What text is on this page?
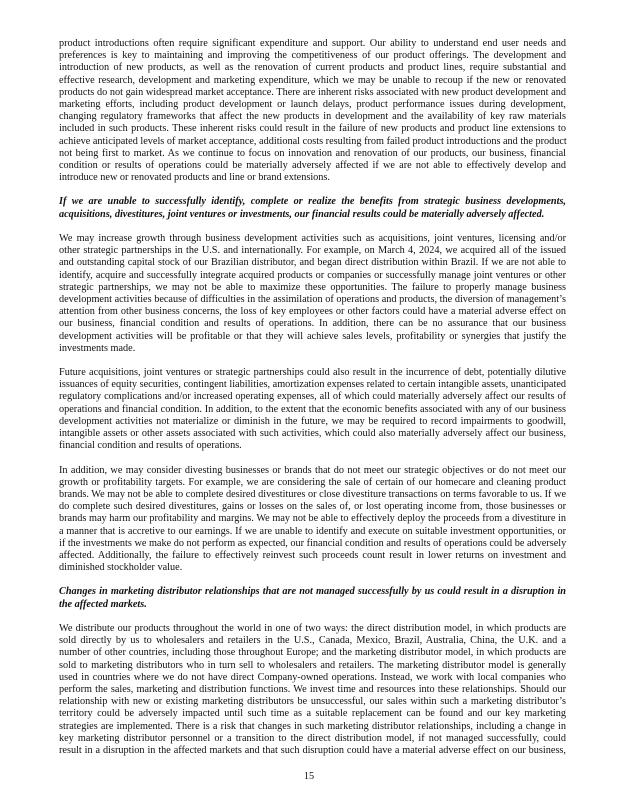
product introductions often require significant expenditure and support. Our ability to understand end user needs and
preferences is key to maintaining and improving the competitiveness of our product offerings. The development and
introduction of new products, as well as the renovation of current products and product lines, require substantial and
effective research, development and marketing expenditure, which we may be unable to recoup if the new or renovated
products do not gain widespread market acceptance. There are inherent risks associated with new product development and
marketing efforts, including product development or launch delays, product performance issues during development,
changing regulatory frameworks that affect the new products in development and the availability of key raw materials
included in such products. These inherent risks could result in the failure of new products and product line extensions to
achieve anticipated levels of market acceptance, additional costs resulting from failed product introductions and the product
not being first to market. As we continue to focus on innovation and renovation of our products, our business, financial
condition or results of operations could be materially adversely affected if we are not able to effectively develop and
introduce new or renovated products and line or brand extensions.
If we are unable to successfully identify, complete or realize the benefits from strategic business developments,
acquisitions, divestitures, joint ventures or investments, our financial results could be materially adversely affected.
We may increase growth through business development activities such as acquisitions, joint ventures, licensing and/or
other strategic partnerships in the U.S. and internationally. For example, on March 4, 2024, we acquired all of the issued
and outstanding capital stock of our Brazilian distributor, and began direct distribution within Brazil. If we are not able to
identify, acquire and successfully integrate acquired products or companies or successfully manage joint ventures or other
strategic partnerships, we may not be able to maximize these opportunities. The failure to properly manage business
development activities because of difficulties in the assimilation of operations and products, the diversion of management’s
attention from other business concerns, the loss of key employees or other factors could have a material adverse effect on
our business, financial condition and results of operations. In addition, there can be no assurance that our business
development activities will be profitable or that they will achieve sales levels, profitability or synergies that justify the
investments made.
Future acquisitions, joint ventures or strategic partnerships could also result in the incurrence of debt, potentially dilutive
issuances of equity securities, contingent liabilities, amortization expenses related to certain intangible assets, unanticipated
regulatory complications and/or increased operating expenses, all of which could materially adversely affect our results of
operations and financial condition. In addition, to the extent that the economic benefits associated with any of our business
development activities not materialize or diminish in the future, we may be required to record impairments to goodwill,
intangible assets or other assets associated with such activities, which could also materially adversely affect our business,
financial condition and results of operations.
In addition, we may consider divesting businesses or brands that do not meet our strategic objectives or do not meet our
growth or profitability targets. For example, we are considering the sale of certain of our homecare and cleaning product
brands. We may not be able to complete desired divestitures or close divestiture transactions on terms favorable to us. If we
do complete such desired divestitures, gains or losses on the sales of, or lost operating income from, those businesses or
brands may harm our profitability and margins. We may not be able to effectively deploy the proceeds from a divestiture in
a manner that is accretive to our earnings. If we are unable to identify and execute on suitable investment opportunities, or
if the investments we make do not perform as expected, our financial condition and results of operations could be adversely
affected. Additionally, the failure to effectively reinvest such proceeds count result in lower returns on investment and
diminished stockholder value.
Changes in marketing distributor relationships that are not managed successfully by us could result in a disruption in
the affected markets.
We distribute our products throughout the world in one of two ways: the direct distribution model, in which products are
sold directly by us to wholesalers and retailers in the U.S., Canada, Mexico, Brazil, Australia, China, the U.K. and a
number of other countries, including those throughout Europe; and the marketing distributor model, in which products are
sold to marketing distributors who in turn sell to wholesalers and retailers. The marketing distributor model is generally
used in countries where we do not have direct Company-owned operations. Instead, we work with local companies who
perform the sales, marketing and distribution functions. We invest time and resources into these relationships. Should our
relationship with new or existing marketing distributors be unsuccessful, our sales within such a marketing distributor’s
territory could be adversely impacted until such time as a suitable replacement can be found and our key marketing
strategies are implemented. There is a risk that changes in such marketing distributor relationships, including a change in
key marketing distributor personnel or a transition to the direct distribution model, if not managed successfully, could
result in a disruption in the affected markets and that such disruption could have a material adverse effect on our business,
15
